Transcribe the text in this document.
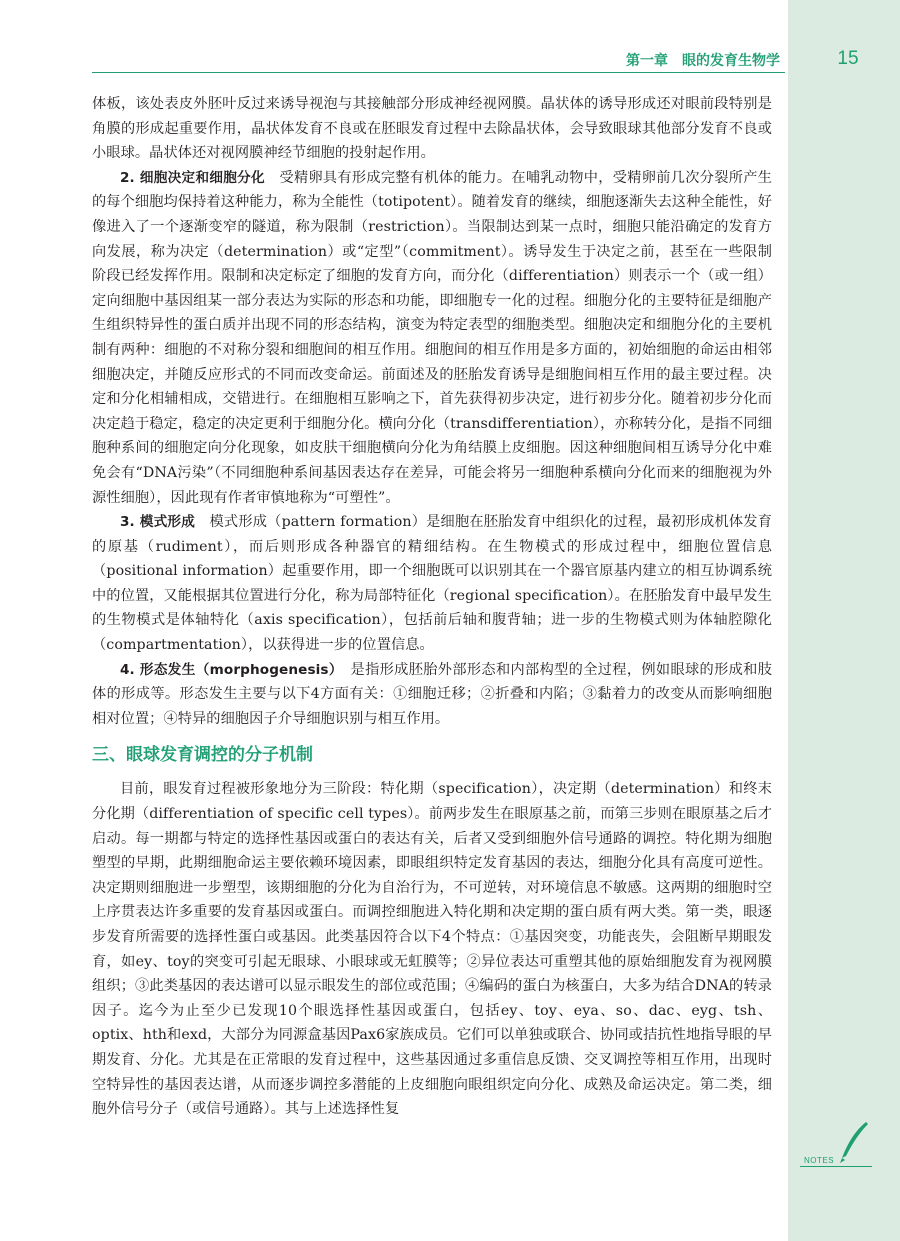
第一章　眼的发育生物学	15

体板，该处表皮外胚叶反过来诱导视泡与其接触部分形成神经视网膜。晶状体的诱导形成还对眼前段特别是角膜的形成起重要作用，晶状体发育不良或在胚眼发育过程中去除晶状体，会导致眼球其他部分发育不良或小眼球。晶状体还对视网膜神经节细胞的投射起作用。

2. 细胞决定和细胞分化　 受精卵具有形成完整有机体的能力。在哺乳动物中，受精卵前几次分裂所产生的每个细胞均保持着这种能力，称为全能性（totipotent）。随着发育的继续，细胞逐渐失去这种全能性，好像进入了一个逐渐变窄的隧道，称为限制（restriction）。当限制达到某一点时，细胞只能沿确定的发育方向发展，称为决定（determination）或“定型”（commitment）。诱导发生于决定之前，甚至在一些限制阶段已经发挥作用。限制和决定标定了细胞的发育方向，而分化（differentiation）则表示一个（或一组）定向细胞中基因组某一部分表达为实际的形态和功能，即细胞专一化的过程。细胞分化的主要特征是细胞产生组织特异性的蛋白质并出现不同的形态结构，演变为特定表型的细胞类型。细胞决定和细胞分化的主要机制有两种：细胞的不对称分裂和细胞间的相互作用。细胞间的相互作用是多方面的，初始细胞的命运由相邻细胞决定，并随反应形式的不同而改变命运。前面述及的胚胎发育诱导是细胞间相互作用的最主要过程。决定和分化相辅相成，交错进行。在细胞相互影响之下，首先获得初步决定，进行初步分化。随着初步分化而决定趋于稳定，稳定的决定更利于细胞分化。横向分化（transdifferentiation），亦称转分化，是指不同细胞种系间的细胞定向分化现象，如皮肤干细胞横向分化为角结膜上皮细胞。因这种细胞间相互诱导分化中难免会有“DNA污染”（不同细胞种系间基因表达存在差异，可能会将另一细胞种系横向分化而来的细胞视为外源性细胞），因此现有作者审慎地称为“可塑性”。

3. 模式形成　 模式形成（pattern formation）是细胞在胚胎发育中组织化的过程，最初形成机体发育的原基（rudiment），而后则形成各种器官的精细结构。在生物模式的形成过程中，细胞位置信息（positional information）起重要作用，即一个细胞既可以识别其在一个器官原基内建立的相互协调系统中的位置，又能根据其位置进行分化，称为局部特征化（regional specification）。在胚胎发育中最早发生的生物模式是体轴特化（axis specification），包括前后轴和腹背轴；进一步的生物模式则为体轴腔隙化（compartmentation），以获得进一步的位置信息。

4. 形态发生（morphogenesis）　 是指形成胚胎外部形态和内部构型的全过程，例如眼球的形成和肢体的形成等。形态发生主要与以下4方面有关：①细胞迁移；②折叠和内陷；③黏着力的改变从而影响细胞相对位置；④特异的细胞因子介导细胞识别与相互作用。

三、眼球发育调控的分子机制

目前，眼发育过程被形象地分为三阶段：特化期（specification），决定期（determination）和终末分化期（differentiation of specific cell types）。前两步发生在眼原基之前，而第三步则在眼原基之后才启动。每一期都与特定的选择性基因或蛋白的表达有关，后者又受到细胞外信号通路的调控。特化期为细胞塑型的早期，此期细胞命运主要依赖环境因素，即眼组织特定发育基因的表达，细胞分化具有高度可逆性。决定期则细胞进一步塑型，该期细胞的分化为自治行为，不可逆转，对环境信息不敏感。这两期的细胞时空上序贯表达许多重要的发育基因或蛋白。而调控细胞进入特化期和决定期的蛋白质有两大类。第一类，眼逐步发育所需要的选择性蛋白或基因。此类基因符合以下4个特点：①基因突变，功能丧失，会阻断早期眼发育，如ey、toy的突变可引起无眼球、小眼球或无虹膜等；②异位表达可重塑其他的原始细胞发育为视网膜组织；③此类基因的表达谱可以显示眼发生的部位或范围；④编码的蛋白为核蛋白，大多为结合DNA的转录因子。迄今为止至少已发现10个眼选择性基因或蛋白，包括ey、toy、eya、so、dac、eyg、tsh、optix、hth和exd，大部分为同源盒基因Pax6家族成员。它们可以单独或联合、协同或拮抗性地指导眼的早期发育、分化。尤其是在正常眼的发育过程中，这些基因通过多重信息反馈、交叉调控等相互作用，出现时空特异性的基因表达谱，从而逐步调控多潜能的上皮细胞向眼组织定向分化、成熟及命运决定。第二类，细胞外信号分子（或信号通路）。其与上述选择性复

NOTES
